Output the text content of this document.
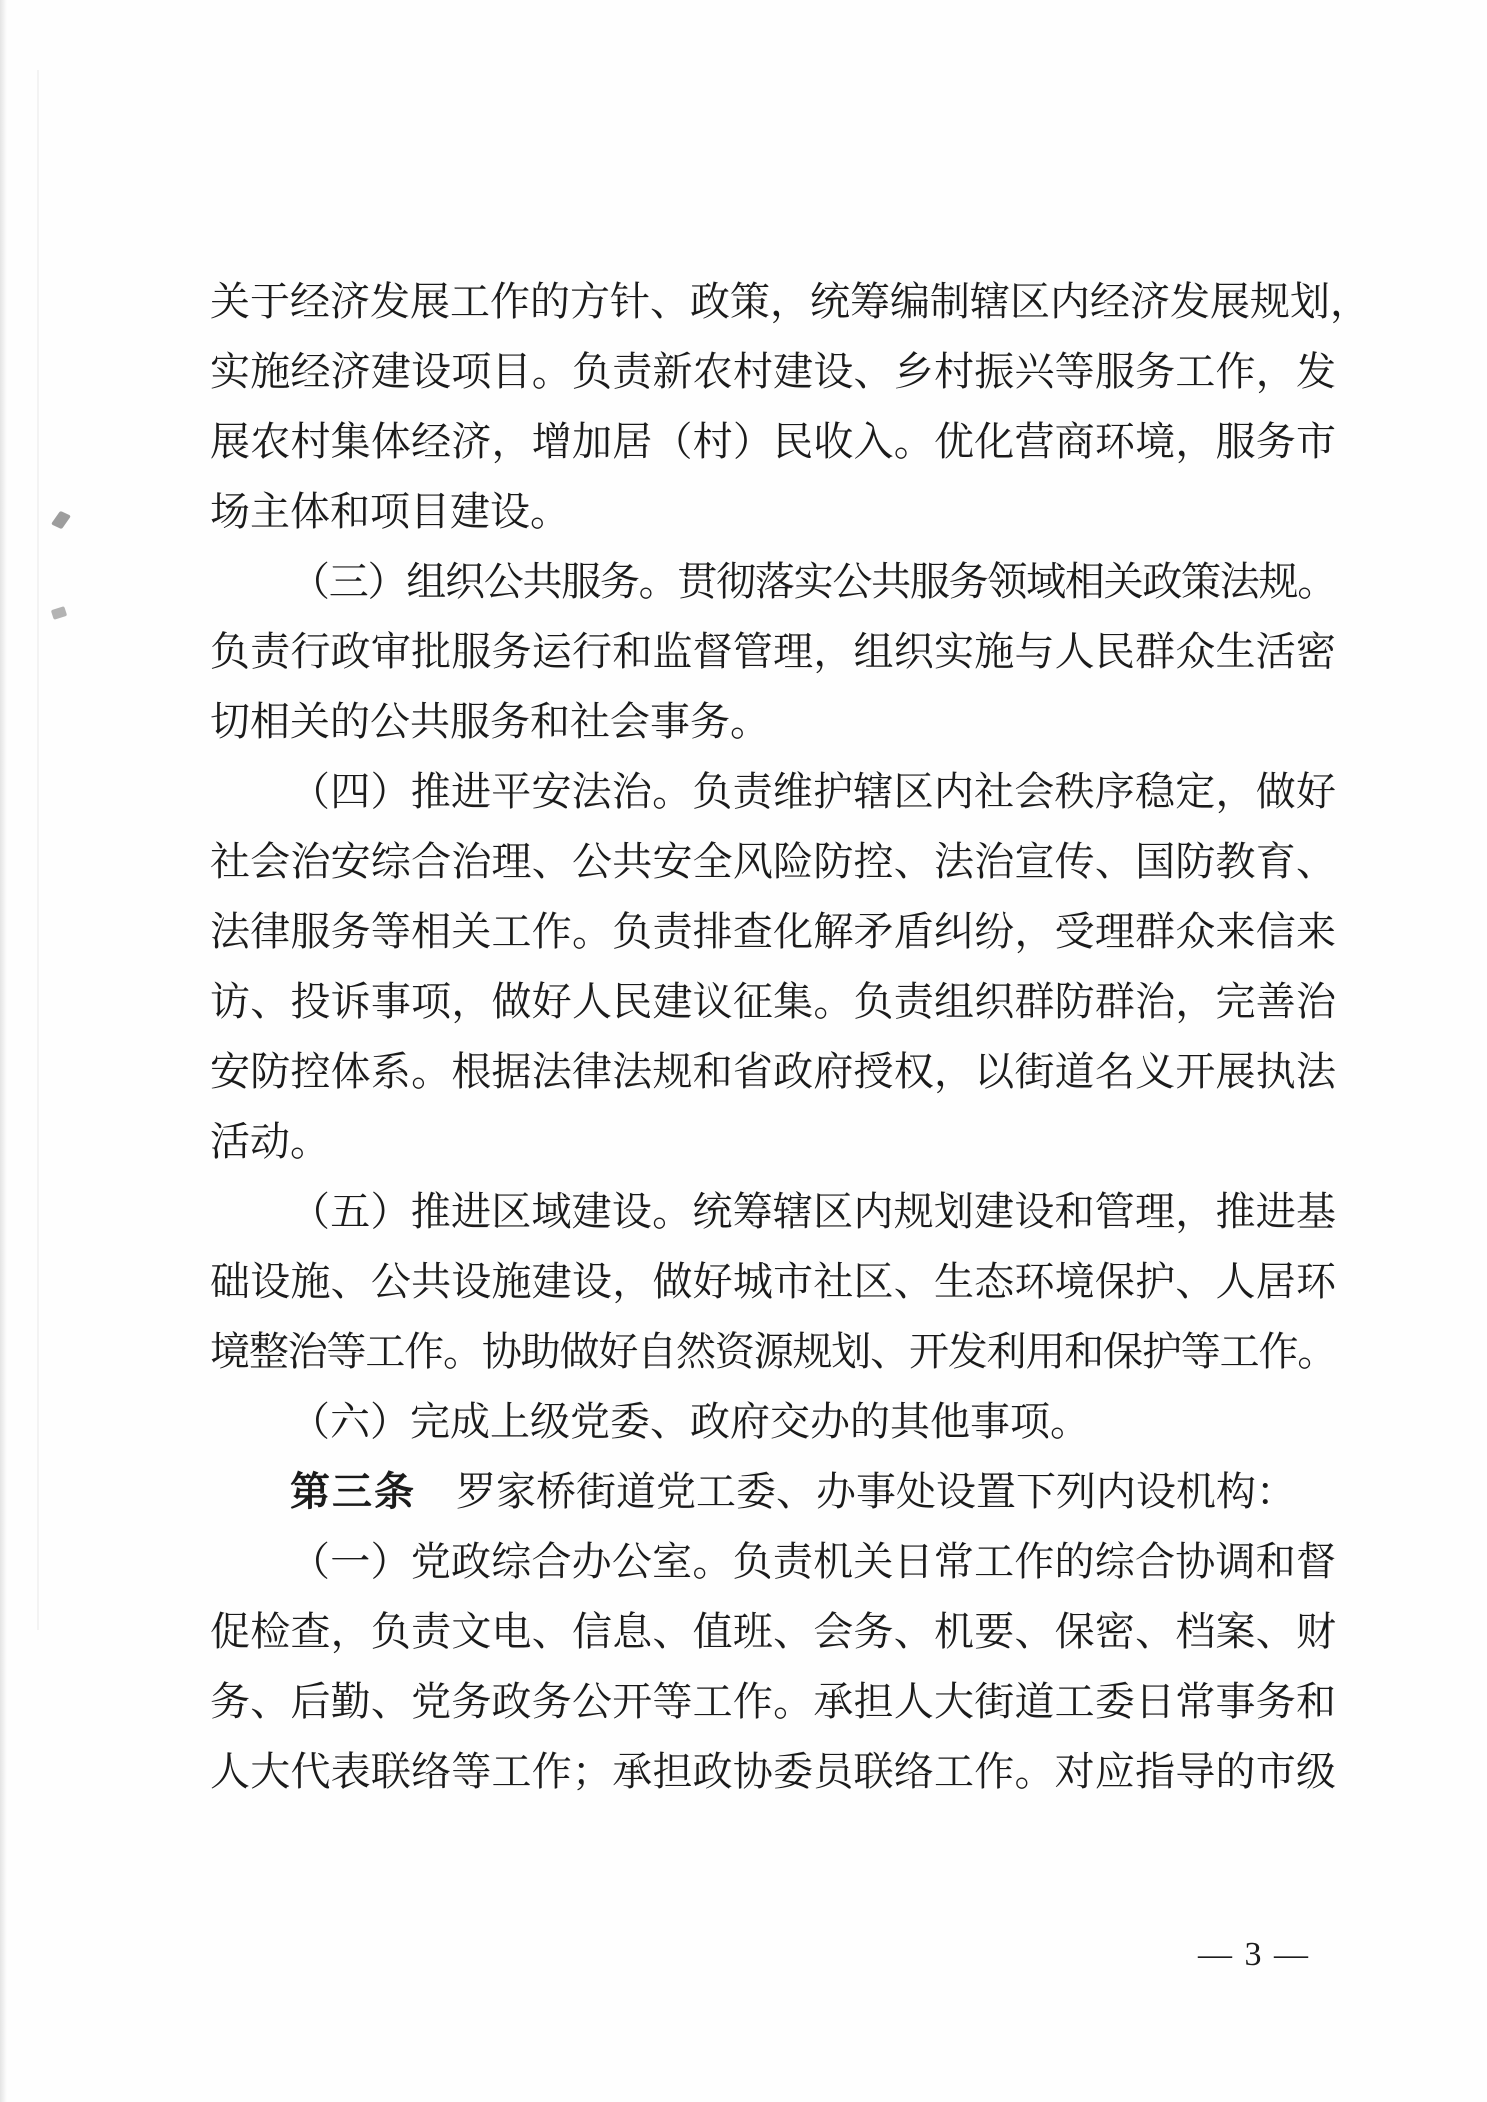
关于经济发展工作的方针、政策，统筹编制辖区内经济发展规划，
实施经济建设项目。负责新农村建设、乡村振兴等服务工作，发
展农村集体经济，增加居（村）民收入。优化营商环境，服务市
场主体和项目建设。
（三）组织公共服务。贯彻落实公共服务领域相关政策法规。
负责行政审批服务运行和监督管理，组织实施与人民群众生活密
切相关的公共服务和社会事务。
（四）推进平安法治。负责维护辖区内社会秩序稳定，做好
社会治安综合治理、公共安全风险防控、法治宣传、国防教育、
法律服务等相关工作。负责排查化解矛盾纠纷，受理群众来信来
访、投诉事项，做好人民建议征集。负责组织群防群治，完善治
安防控体系。根据法律法规和省政府授权，以街道名义开展执法
活动。
（五）推进区域建设。统筹辖区内规划建设和管理，推进基
础设施、公共设施建设，做好城市社区、生态环境保护、人居环
境整治等工作。协助做好自然资源规划、开发利用和保护等工作。
（六）完成上级党委、政府交办的其他事项。
第三条 罗家桥街道党工委、办事处设置下列内设机构：
（一）党政综合办公室。负责机关日常工作的综合协调和督
促检查，负责文电、信息、值班、会务、机要、保密、档案、财
务、后勤、党务政务公开等工作。承担人大街道工委日常事务和
人大代表联络等工作；承担政协委员联络工作。对应指导的市级
— 3 —
